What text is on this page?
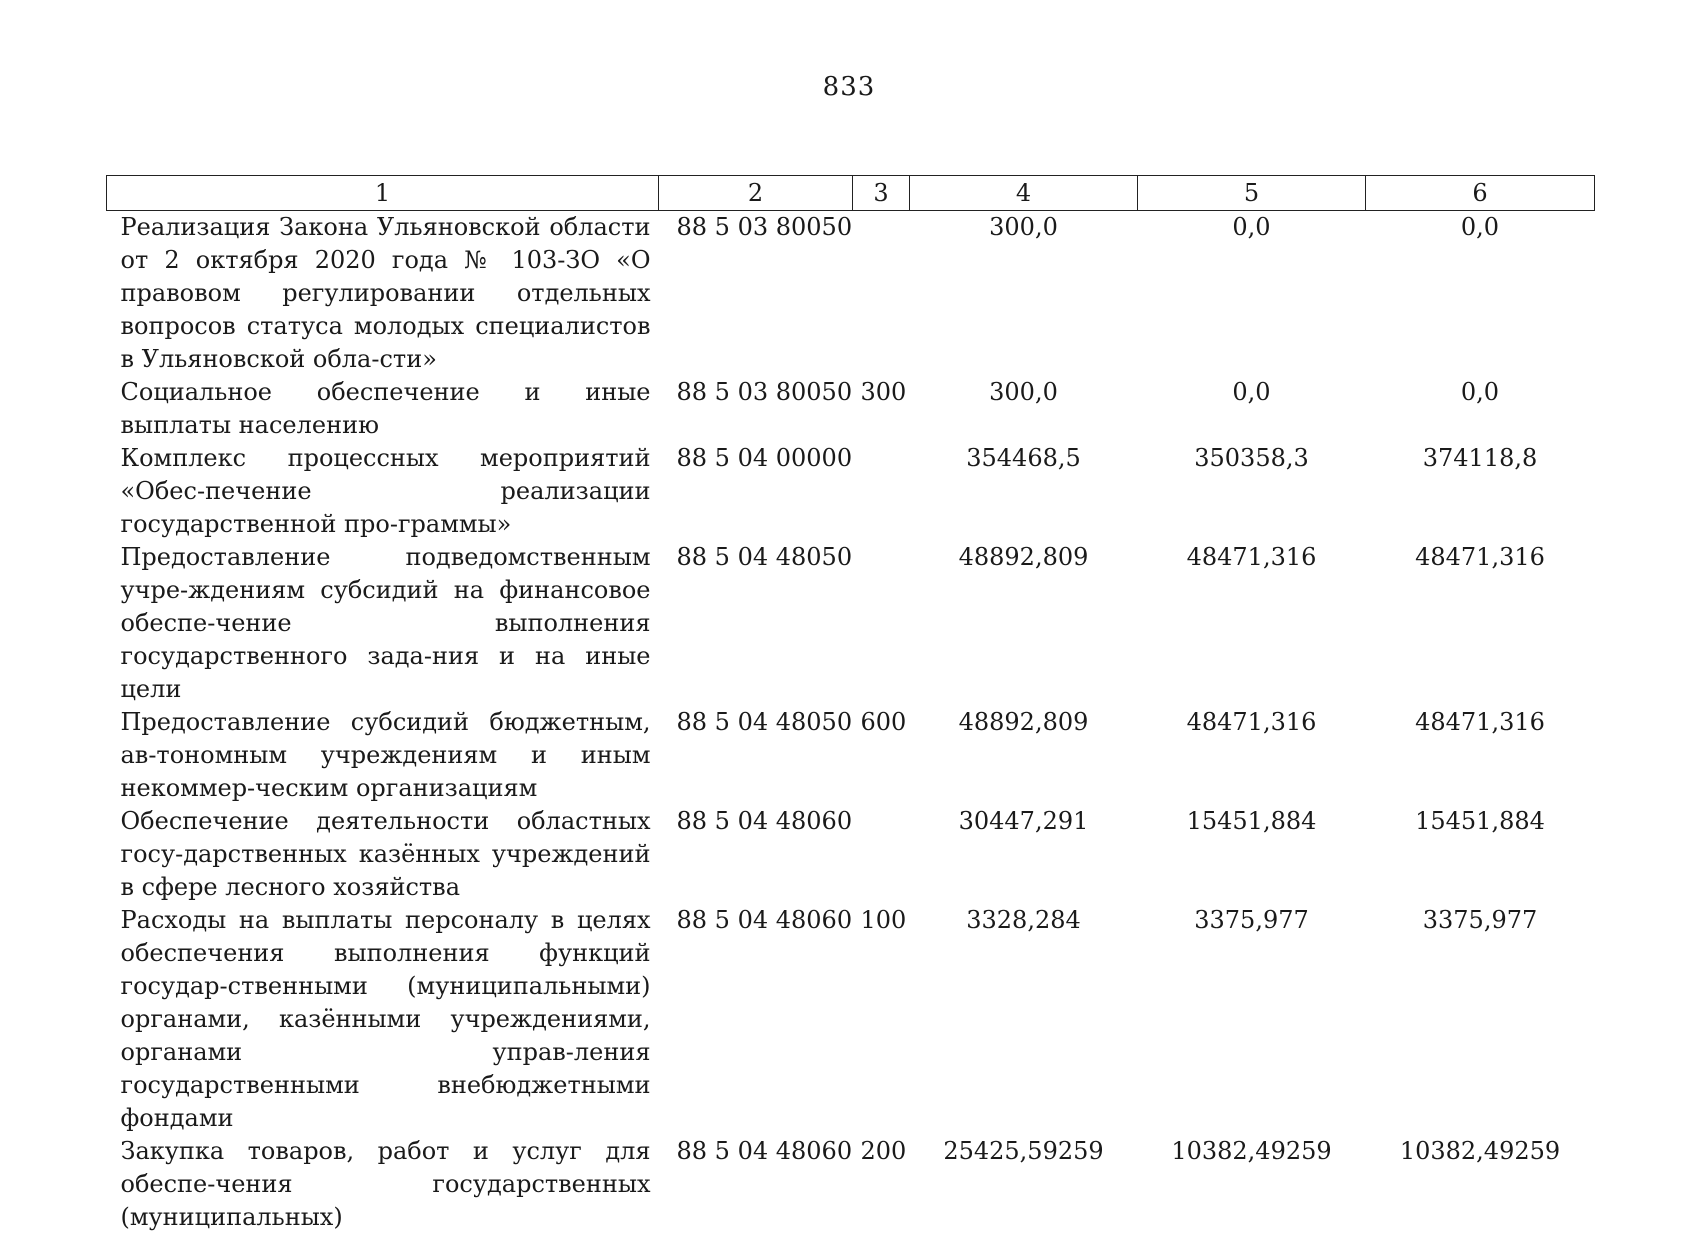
833
1	2	3	4	5	6
Реализация Закона Ульяновской области от 2 октября 2020 года № 103-ЗО «О правовом регулировании отдельных вопросов статуса молодых специалистов в Ульяновской обла-сти»	88 5 03 80050		300,0	0,0	0,0
Социальное обеспечение и иные выплаты населению	88 5 03 80050	300	300,0	0,0	0,0
Комплекс процессных мероприятий «Обес-печение реализации государственной про-граммы»	88 5 04 00000		354468,5	350358,3	374118,8
Предоставление подведомственным учре-ждениям субсидий на финансовое обеспе-чение выполнения государственного зада-ния и на иные цели	88 5 04 48050		48892,809	48471,316	48471,316
Предоставление субсидий бюджетным, ав-тономным учреждениям и иным некоммер-ческим организациям	88 5 04 48050	600	48892,809	48471,316	48471,316
Обеспечение деятельности областных госу-дарственных казённых учреждений в сфере лесного хозяйства	88 5 04 48060		30447,291	15451,884	15451,884
Расходы на выплаты персоналу в целях обеспечения выполнения функций государ-ственными (муниципальными) органами, казёнными учреждениями, органами управ-ления государственными внебюджетными фондами	88 5 04 48060	100	3328,284	3375,977	3375,977
Закупка товаров, работ и услуг для обеспе-чения государственных (муниципальных)	88 5 04 48060	200	25425,59259	10382,49259	10382,49259
